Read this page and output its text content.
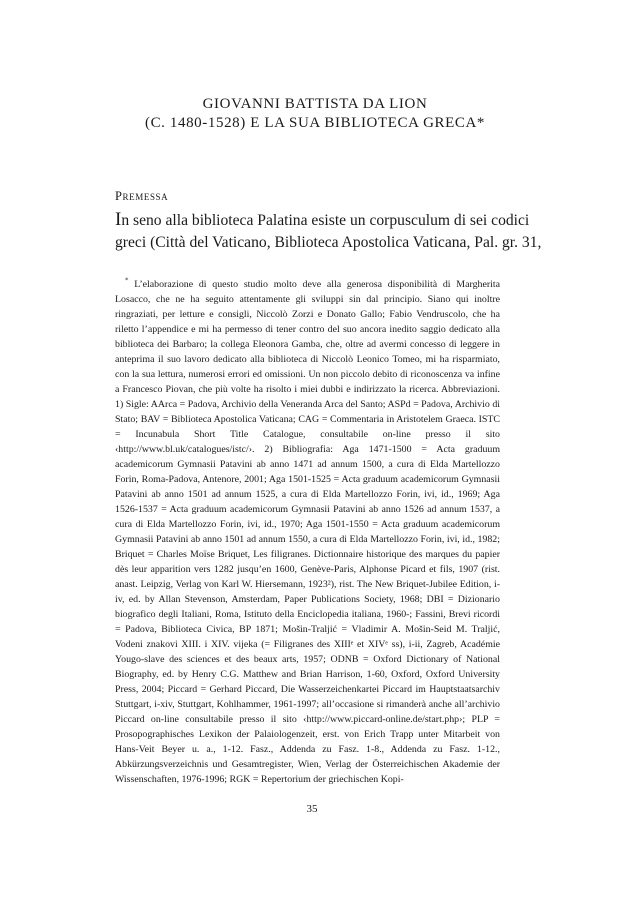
GIOVANNI BATTISTA DA LION
(C. 1480-1528) E LA SUA BIBLIOTECA GRECA*
Premessa
In seno alla biblioteca Palatina esiste un corpusculum di sei codici
greci (Città del Vaticano, Biblioteca Apostolica Vaticana, Pal. gr. 31,
* L’elaborazione di questo studio molto deve alla generosa disponibilità di Margherita Losacco, che ne ha seguito attentamente gli sviluppi sin dal principio. Siano qui inoltre ringraziati, per letture e consigli, Niccolò Zorzi e Donato Gallo; Fabio Vendruscolo, che ha riletto l’appendice e mi ha permesso di tener contro del suo ancora inedito saggio dedicato alla biblioteca dei Barbaro; la collega Eleonora Gamba, che, oltre ad avermi concesso di leggere in anteprima il suo lavoro dedicato alla biblioteca di Niccolò Leonico Tomeo, mi ha risparmiato, con la sua lettura, numerosi errori ed omissioni. Un non piccolo debito di riconoscenza va infine a Francesco Piovan, che più volte ha risolto i miei dubbi e indirizzato la ricerca. Abbreviazioni. 1) Sigle: AArca = Padova, Archivio della Veneranda Arca del Santo; ASPd = Padova, Archivio di Stato; BAV = Biblioteca Apostolica Vaticana; CAG = Commentaria in Aristotelem Graeca. ISTC = Incunabula Short Title Catalogue, consultabile on-line presso il sito ‹http://www.bl.uk/catalogues/istc/›. 2) Bibliografia: Aga 1471-1500 = Acta graduum academicorum Gymnasii Patavini ab anno 1471 ad annum 1500, a cura di Elda Martellozzo Forin, Roma-Padova, Antenore, 2001; Aga 1501-1525 = Acta graduum academicorum Gymnasii Patavini ab anno 1501 ad annum 1525, a cura di Elda Martellozzo Forin, ivi, id., 1969; Aga 1526-1537 = Acta graduum academicorum Gymnasii Patavini ab anno 1526 ad annum 1537, a cura di Elda Martellozzo Forin, ivi, id., 1970; Aga 1501-1550 = Acta graduum academicorum Gymnasii Patavini ab anno 1501 ad annum 1550, a cura di Elda Martellozzo Forin, ivi, id., 1982; Briquet = Charles Moïse Briquet, Les filigranes. Dictionnaire historique des marques du papier dès leur apparition vers 1282 jusqu’en 1600, Genève-Paris, Alphonse Picard et fils, 1907 (rist. anast. Leipzig, Verlag von Karl W. Hiersemann, 1923²), rist. The New Briquet-Jubilee Edition, i-iv, ed. by Allan Stevenson, Amsterdam, Paper Publications Society, 1968; DBI = Dizionario biografico degli Italiani, Roma, Istituto della Enciclopedia italiana, 1960-; Fassini, Brevi ricordi = Padova, Biblioteca Civica, BP 1871; Mošin-Traljić = Vladimir A. Mošin-Seid M. Traljić, Vodeni znakovi XIII. i XIV. vijeka (= Filigranes des XIIIᵉ et XIVᵉ ss), i-ii, Zagreb, Académie Yougo-slave des sciences et des beaux arts, 1957; ODNB = Oxford Dictionary of National Biography, ed. by Henry C.G. Matthew and Brian Harrison, 1-60, Oxford, Oxford University Press, 2004; Piccard = Gerhard Piccard, Die Wasserzeichenkartei Piccard im Hauptstaatsarchiv Stuttgart, i-xiv, Stuttgart, Kohlhammer, 1961-1997; all’occasione si rimanderà anche all’archivio Piccard on-line consultabile presso il sito ‹http://www.piccard-online.de/start.php›; PLP = Prosopographisches Lexikon der Palaiologenzeit, erst. von Erich Trapp unter Mitarbeit von Hans-Veit Beyer u. a., 1-12. Fasz., Addenda zu Fasz. 1-8., Addenda zu Fasz. 1-12., Abkürzungsverzeichnis und Gesamtregister, Wien, Verlag der Österreichischen Akademie der Wissenschaften, 1976-1996; RGK = Repertorium der griechischen Kopi-
35
